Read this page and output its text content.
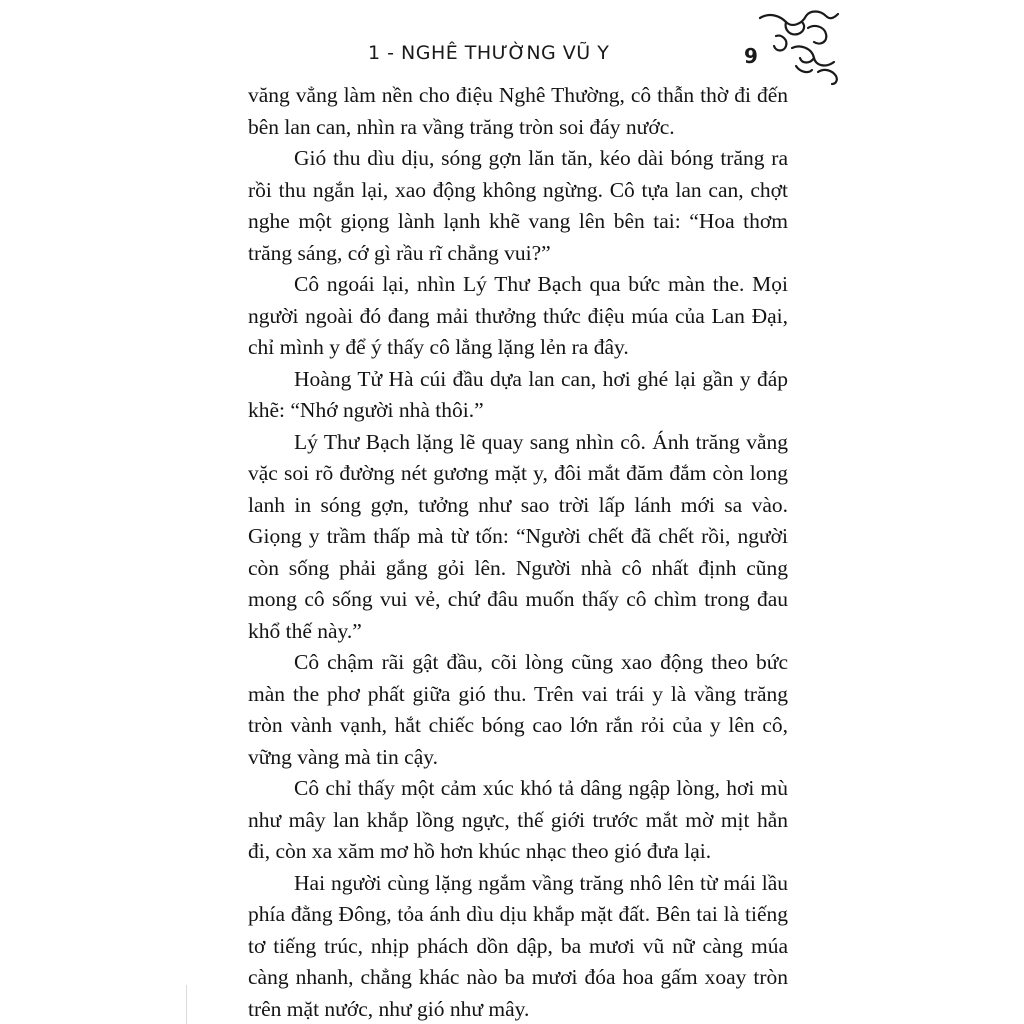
1 - NGHÊ THƯỜNG VŨ Y	9

văng vẳng làm nền cho điệu Nghê Thường, cô thẫn thờ đi đến bên lan can, nhìn ra vầng trăng tròn soi đáy nước.

Gió thu dìu dịu, sóng gợn lăn tăn, kéo dài bóng trăng ra rồi thu ngắn lại, xao động không ngừng. Cô tựa lan can, chợt nghe một giọng lành lạnh khẽ vang lên bên tai: “Hoa thơm trăng sáng, cớ gì rầu rĩ chẳng vui?”

Cô ngoái lại, nhìn Lý Thư Bạch qua bức màn the. Mọi người ngoài đó đang mải thưởng thức điệu múa của Lan Đại, chỉ mình y để ý thấy cô lẳng lặng lẻn ra đây.

Hoàng Tử Hà cúi đầu dựa lan can, hơi ghé lại gần y đáp khẽ: “Nhớ người nhà thôi.”

Lý Thư Bạch lặng lẽ quay sang nhìn cô. Ánh trăng vằng vặc soi rõ đường nét gương mặt y, đôi mắt đăm đắm còn long lanh in sóng gợn, tưởng như sao trời lấp lánh mới sa vào. Giọng y trầm thấp mà từ tốn: “Người chết đã chết rồi, người còn sống phải gắng gỏi lên. Người nhà cô nhất định cũng mong cô sống vui vẻ, chứ đâu muốn thấy cô chìm trong đau khổ thế này.”

Cô chậm rãi gật đầu, cõi lòng cũng xao động theo bức màn the phơ phất giữa gió thu. Trên vai trái y là vầng trăng tròn vành vạnh, hắt chiếc bóng cao lớn rắn rỏi của y lên cô, vững vàng mà tin cậy.

Cô chỉ thấy một cảm xúc khó tả dâng ngập lòng, hơi mù như mây lan khắp lồng ngực, thế giới trước mắt mờ mịt hẳn đi, còn xa xăm mơ hồ hơn khúc nhạc theo gió đưa lại.

Hai người cùng lặng ngắm vầng trăng nhô lên từ mái lầu phía đằng Đông, tỏa ánh dìu dịu khắp mặt đất. Bên tai là tiếng tơ tiếng trúc, nhịp phách dồn dập, ba mươi vũ nữ càng múa càng nhanh, chẳng khác nào ba mươi đóa hoa gấm xoay tròn trên mặt nước, như gió như mây.
